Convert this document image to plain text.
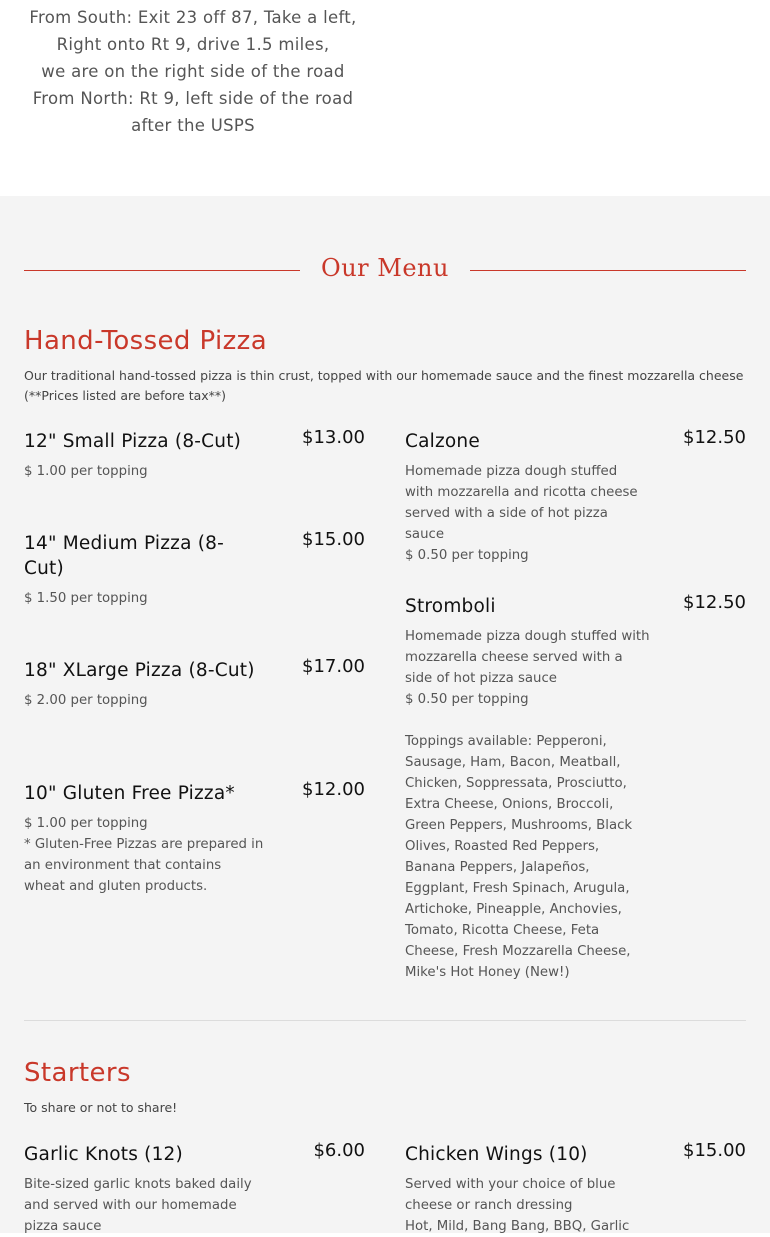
From South: Exit 23 off 87, Take a left,
Right onto Rt 9, drive 1.5 miles,
we are on the right side of the road
From North: Rt 9, left side of the road
after the USPS
Our Menu
Hand-Tossed Pizza
Our traditional hand-tossed pizza is thin crust, topped with our homemade sauce and the finest mozzarella cheese (**Prices listed are before tax**)
12" Small Pizza (8-Cut)	$13.00
$ 1.00 per topping
14" Medium Pizza (8-Cut)
$15.00
$ 1.50 per topping
18" XLarge Pizza (8-Cut)	$17.00
$ 2.00 per topping
10" Gluten Free Pizza*	$12.00
$ 1.00 per topping
* Gluten-Free Pizzas are prepared in an environment that contains wheat and gluten products.
Calzone	$12.50
Homemade pizza dough stuffed with mozzarella and ricotta cheese served with a side of hot pizza sauce
$ 0.50 per topping
Stromboli	$12.50
Homemade pizza dough stuffed with mozzarella cheese served with a side of hot pizza sauce
$ 0.50 per topping

Toppings available: Pepperoni, Sausage, Ham, Bacon, Meatball, Chicken, Soppressata, Prosciutto, Extra Cheese, Onions, Broccoli, Green Peppers, Mushrooms, Black Olives, Roasted Red Peppers, Banana Peppers, Jalapeños, Eggplant, Fresh Spinach, Arugula, Artichoke, Pineapple, Anchovies, Tomato, Ricotta Cheese, Feta Cheese, Fresh Mozzarella Cheese, Mike's Hot Honey (New!)
Starters
To share or not to share!
Garlic Knots (12)	$6.00
Bite-sized garlic knots baked daily and served with our homemade pizza sauce
Chicken Wings (10)	$15.00
Served with your choice of blue cheese or ranch dressing
Hot, Mild, Bang Bang, BBQ, Garlic
